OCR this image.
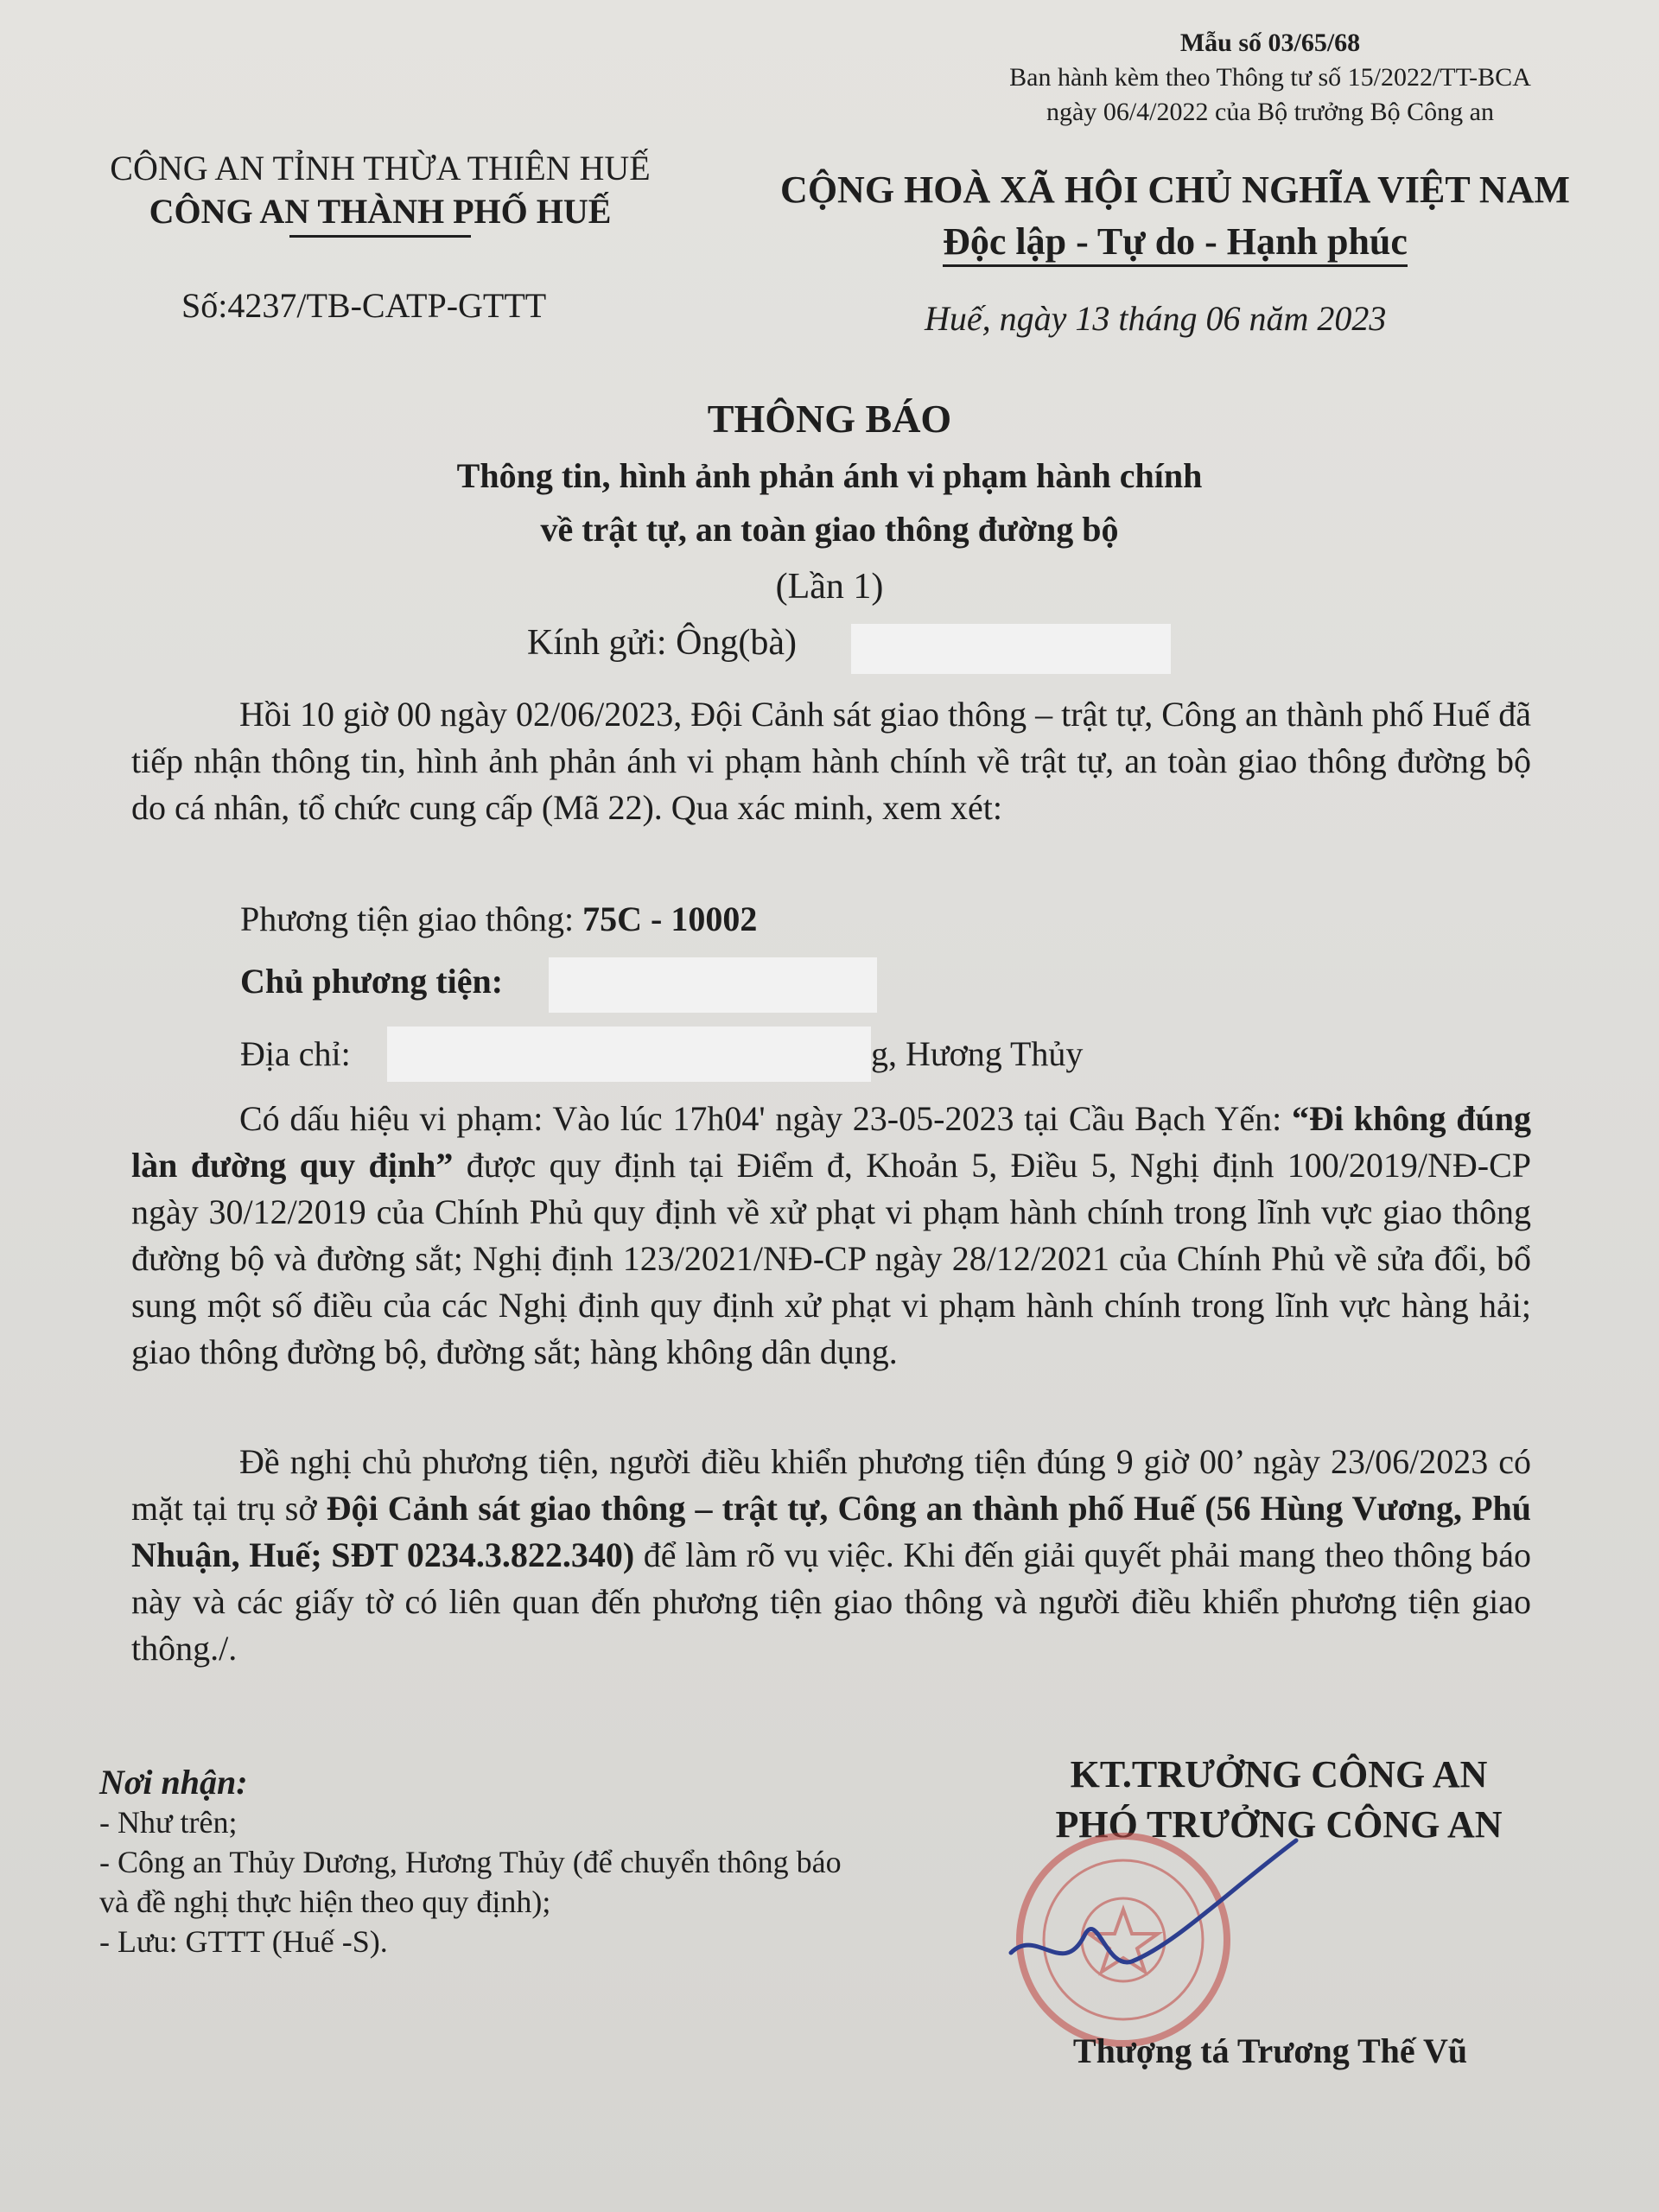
Mẫu số 03/65/68
Ban hành kèm theo Thông tư số 15/2022/TT-BCA
ngày 06/4/2022 của Bộ trưởng Bộ Công an
CÔNG AN TỈNH THỪA THIÊN HUẾ
CÔNG AN THÀNH PHỐ HUẾ
CỘNG HOÀ XÃ HỘI CHỦ NGHĨA VIỆT NAM
Độc lập - Tự do - Hạnh phúc
Số:4237/TB-CATP-GTTT	Huế, ngày 13 tháng 06 năm 2023
THÔNG BÁO
Thông tin, hình ảnh phản ánh vi phạm hành chính
về trật tự, an toàn giao thông đường bộ
(Lần 1)
Kính gửi: Ông(bà)
Hồi 10 giờ 00 ngày 02/06/2023, Đội Cảnh sát giao thông – trật tự, Công an thành phố Huế đã tiếp nhận thông tin, hình ảnh phản ánh vi phạm hành chính về trật tự, an toàn giao thông đường bộ do cá nhân, tổ chức cung cấp (Mã 22). Qua xác minh, xem xét:
Phương tiện giao thông: 75C - 10002
Chủ phương tiện:
Địa chỉ:	g, Hương Thủy
Có dấu hiệu vi phạm: Vào lúc 17h04' ngày 23-05-2023 tại Cầu Bạch Yến: “Đi không đúng làn đường quy định” được quy định tại Điểm đ, Khoản 5, Điều 5, Nghị định 100/2019/NĐ-CP ngày 30/12/2019 của Chính Phủ quy định về xử phạt vi phạm hành chính trong lĩnh vực giao thông đường bộ và đường sắt; Nghị định 123/2021/NĐ-CP ngày 28/12/2021 của Chính Phủ về sửa đổi, bổ sung một số điều của các Nghị định quy định xử phạt vi phạm hành chính trong lĩnh vực hàng hải; giao thông đường bộ, đường sắt; hàng không dân dụng.
Đề nghị chủ phương tiện, người điều khiển phương tiện đúng 9 giờ 00’ ngày 23/06/2023 có mặt tại trụ sở Đội Cảnh sát giao thông – trật tự, Công an thành phố Huế (56 Hùng Vương, Phú Nhuận, Huế; SĐT 0234.3.822.340) để làm rõ vụ việc. Khi đến giải quyết phải mang theo thông báo này và các giấy tờ có liên quan đến phương tiện giao thông và người điều khiển phương tiện giao thông./.
Nơi nhận:
- Như trên;
- Công an Thủy Dương, Hương Thủy (để chuyển thông báo và đề nghị thực hiện theo quy định);
- Lưu: GTTT (Huế -S).
KT.TRƯỞNG CÔNG AN
PHÓ TRƯỞNG CÔNG AN
Thượng tá Trương Thế Vũ
